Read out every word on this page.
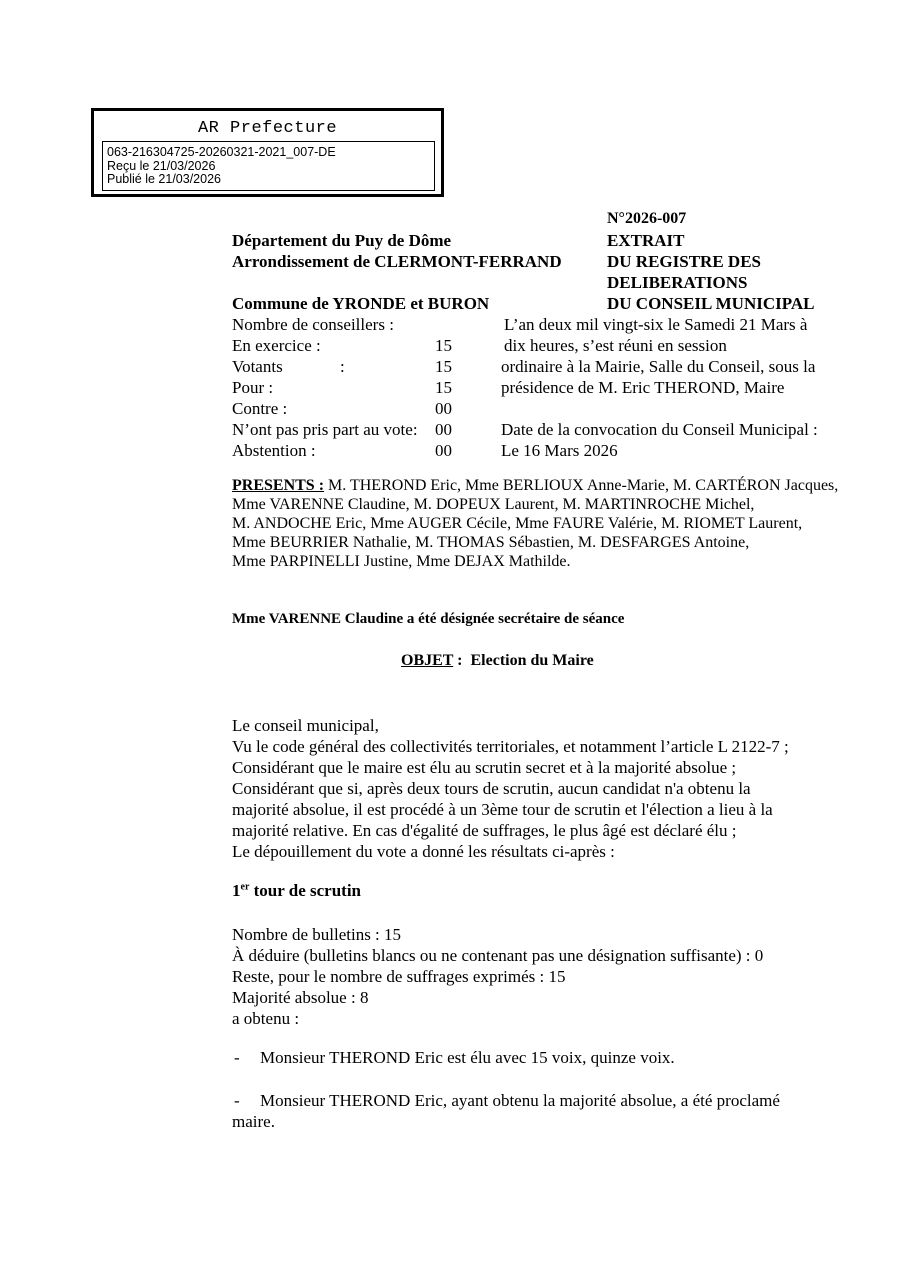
AR Prefecture
063-216304725-20260321-2021_007-DE
Reçu le 21/03/2026
Publié le 21/03/2026
N°2026-007
EXTRAIT
DU REGISTRE DES
DELIBERATIONS
DU CONSEIL MUNICIPAL
Département du Puy de Dôme
Arrondissement de CLERMONT-FERRAND
Commune de YRONDE et BURON
Nombre de conseillers :
En exercice :	15
Votants	:	15
Pour :	15
Contre :	00
N’ont pas pris part au vote: 00
Abstention :	00
L’an deux mil vingt-six le Samedi 21 Mars à
dix heures, s’est réuni en session
ordinaire à la Mairie, Salle du Conseil, sous la
présidence de M. Eric THEROND, Maire
Date de la convocation du Conseil Municipal :
Le 16 Mars 2026
PRESENTS : M. THEROND Eric, Mme BERLIOUX Anne-Marie, M. CARTÉRON Jacques,
Mme VARENNE Claudine, M. DOPEUX Laurent, M. MARTINROCHE Michel,
M. ANDOCHE Eric, Mme AUGER Cécile, Mme FAURE Valérie, M. RIOMET Laurent,
Mme BEURRIER Nathalie, M. THOMAS Sébastien, M. DESFARGES Antoine,
Mme PARPINELLI Justine, Mme DEJAX Mathilde.
Mme VARENNE Claudine a été désignée secrétaire de séance
OBJET : Election du Maire
Le conseil municipal,
Vu le code général des collectivités territoriales, et notamment l’article L 2122-7 ;
Considérant que le maire est élu au scrutin secret et à la majorité absolue ;
Considérant que si, après deux tours de scrutin, aucun candidat n'a obtenu la
majorité absolue, il est procédé à un 3ème tour de scrutin et l'élection a lieu à la
majorité relative. En cas d'égalité de suffrages, le plus âgé est déclaré élu ;
Le dépouillement du vote a donné les résultats ci-après :
1er tour de scrutin
Nombre de bulletins : 15
À déduire (bulletins blancs ou ne contenant pas une désignation suffisante) : 0
Reste, pour le nombre de suffrages exprimés : 15
Majorité absolue : 8
a obtenu :
- Monsieur THEROND Eric est élu avec 15 voix, quinze voix.
- Monsieur THEROND Eric, ayant obtenu la majorité absolue, a été proclamé
maire.
